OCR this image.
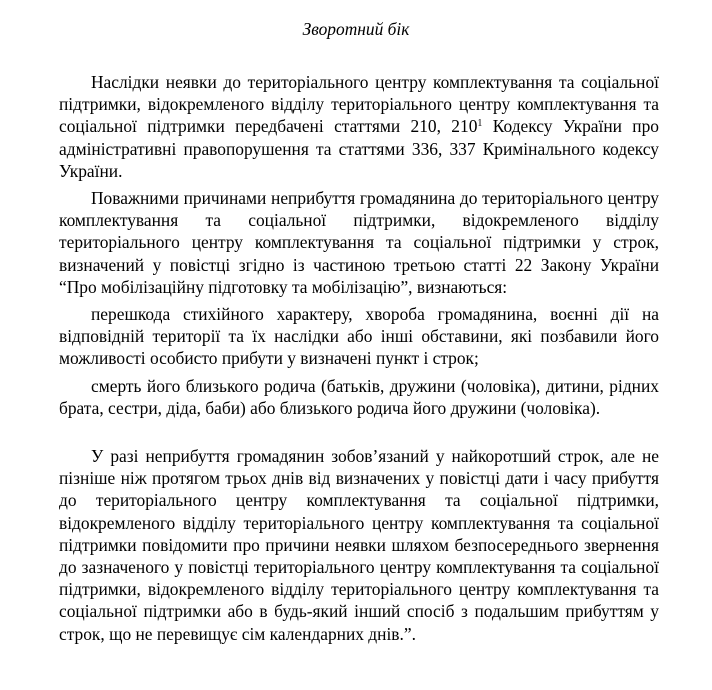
Зворотний бік

Наслідки неявки до територіального центру комплектування та соціальної підтримки, відокремленого відділу територіального центру комплектування та соціальної підтримки передбачені статтями 210, $210^1$ Кодексу України про адміністративні правопорушення та статтями 336, 337 Кримінального кодексу України.

Поважними причинами неприбуття громадянина до територіального центру комплектування та соціальної підтримки, відокремленого відділу територіального центру комплектування та соціальної підтримки у строк, визначений у повістці згідно із частиною третьою статті 22 Закону України “Про мобілізаційну підготовку та мобілізацію”, визнаються:

перешкода стихійного характеру, хвороба громадянина, воєнні дії на відповідній території та їх наслідки або інші обставини, які позбавили його можливості особисто прибути у визначені пункт і строк;

смерть його близького родича (батьків, дружини (чоловіка), дитини, рідних брата, сестри, діда, баби) або близького родича його дружини (чоловіка).

У разі неприбуття громадянин зобов’язаний у найкоротший строк, але не пізніше ніж протягом трьох днів від визначених у повістці дати і часу прибуття до територіального центру комплектування та соціальної підтримки, відокремленого відділу територіального центру комплектування та соціальної підтримки повідомити про причини неявки шляхом безпосереднього звернення до зазначеного у повістці територіального центру комплектування та соціальної підтримки, відокремленого відділу територіального центру комплектування та соціальної підтримки або в будь-який інший спосіб з подальшим прибуттям у строк, що не перевищує сім календарних днів.”.
